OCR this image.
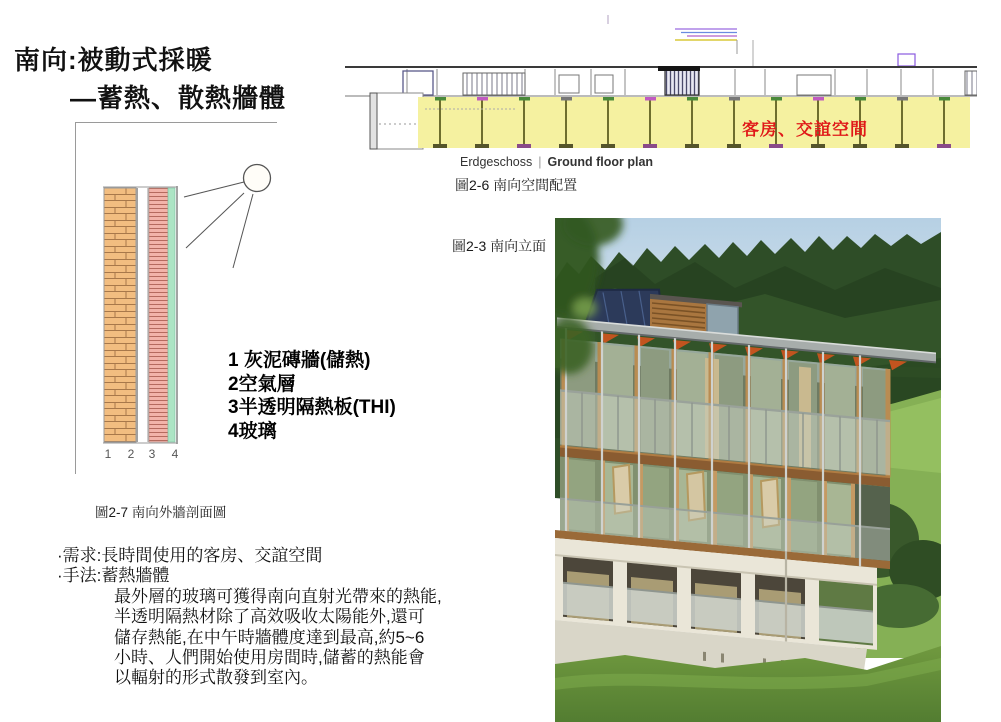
南向:被動式採暖
—蓄熱、散熱牆體
客房、交誼空間
Erdgeschoss | Ground floor plan
圖2-6 南向空間配置
圖2-3 南向立面
1 2 3 4
1 灰泥磚牆(儲熱)
2空氣層
3半透明隔熱板(THI)
4玻璃
圖2-7 南向外牆剖面圖
·需求:長時間使用的客房、交誼空間
·手法:蓄熱牆體
最外層的玻璃可獲得南向直射光帶來的熱能,
半透明隔熱材除了高效吸收太陽能外,還可
儲存熱能,在中午時牆體度達到最高,約5~6
小時、人們開始使用房間時,儲蓄的熱能會
以輻射的形式散發到室內。
